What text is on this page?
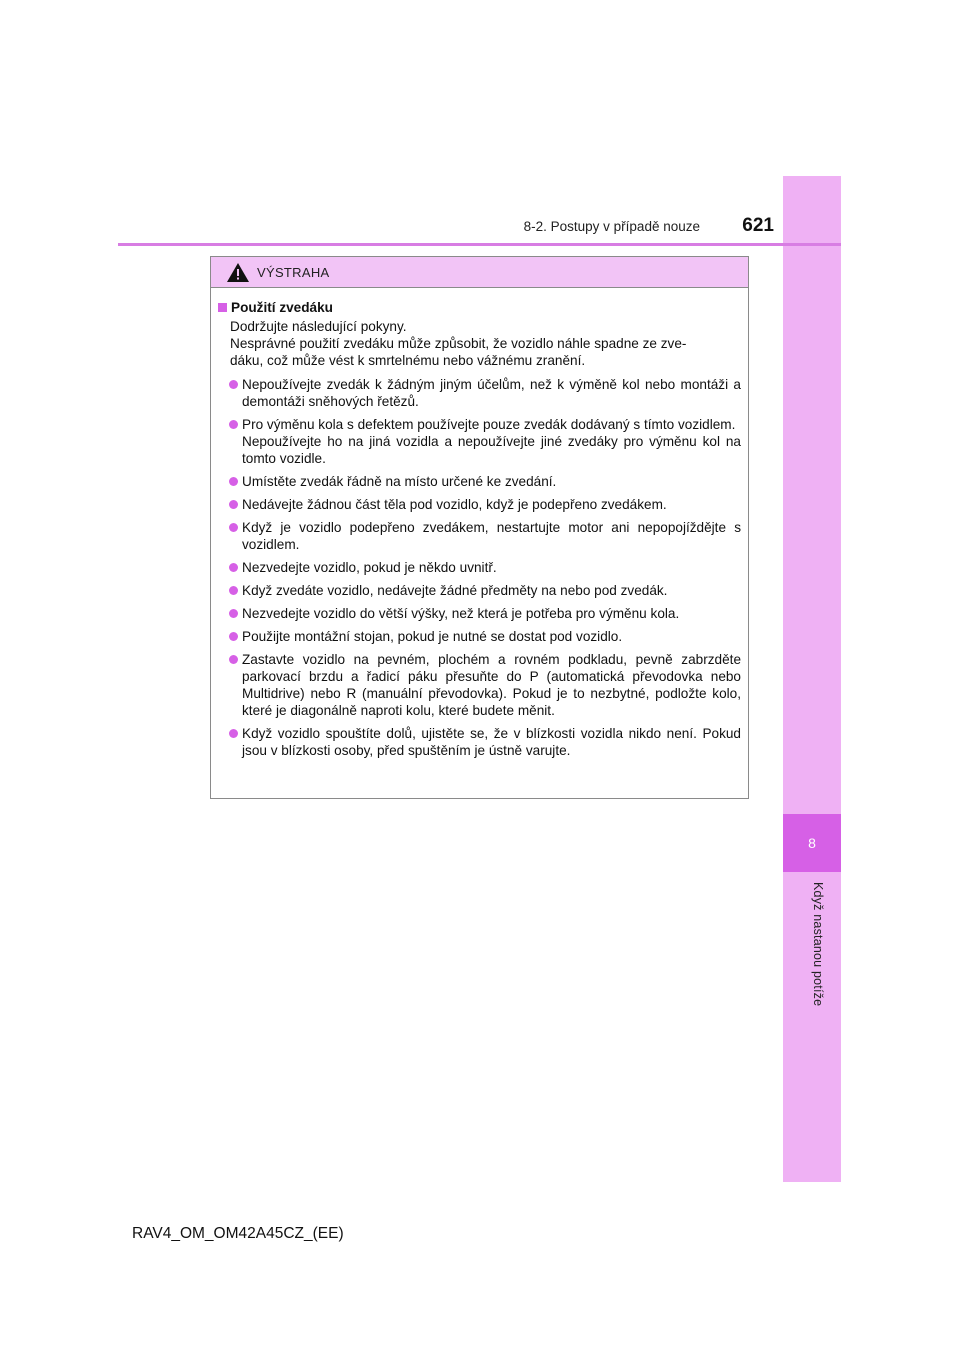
8
Když nastanou potíže
621
8-2. Postupy v případě nouze
VÝSTRAHA
Použití zvedáku
Dodržujte následující pokyny.
Nesprávné použití zvedáku může způsobit, že vozidlo náhle spadne ze zve-
dáku, což může vést k smrtelnému nebo vážnému zranění.
Nepoužívejte zvedák k žádným jiným účelům, než k výměně kol nebo montáži a demontáži sněhových řetězů.
Pro výměnu kola s defektem používejte pouze zvedák dodávaný s tímto vozidlem.
Nepoužívejte ho na jiná vozidla a nepoužívejte jiné zvedáky pro výměnu kol na tomto vozidle.
Umístěte zvedák řádně na místo určené ke zvedání.
Nedávejte žádnou část těla pod vozidlo, když je podepřeno zvedákem.
Když je vozidlo podepřeno zvedákem, nestartujte motor ani nepopojíždějte s vozidlem.
Nezvedejte vozidlo, pokud je někdo uvnitř.
Když zvedáte vozidlo, nedávejte žádné předměty na nebo pod zvedák.
Nezvedejte vozidlo do větší výšky, než která je potřeba pro výměnu kola.
Použijte montážní stojan, pokud je nutné se dostat pod vozidlo.
Zastavte vozidlo na pevném, plochém a rovném podkladu, pevně zabrzděte parkovací brzdu a řadicí páku přesuňte do P (automatická převodovka nebo Multidrive) nebo R (manuální převodovka). Pokud je to nezbytné, podložte kolo, které je diagonálně naproti kolu, které budete měnit.
Když vozidlo spouštíte dolů, ujistěte se, že v blízkosti vozidla nikdo není. Pokud jsou v blízkosti osoby, před spuštěním je ústně varujte.
RAV4_OM_OM42A45CZ_(EE)
